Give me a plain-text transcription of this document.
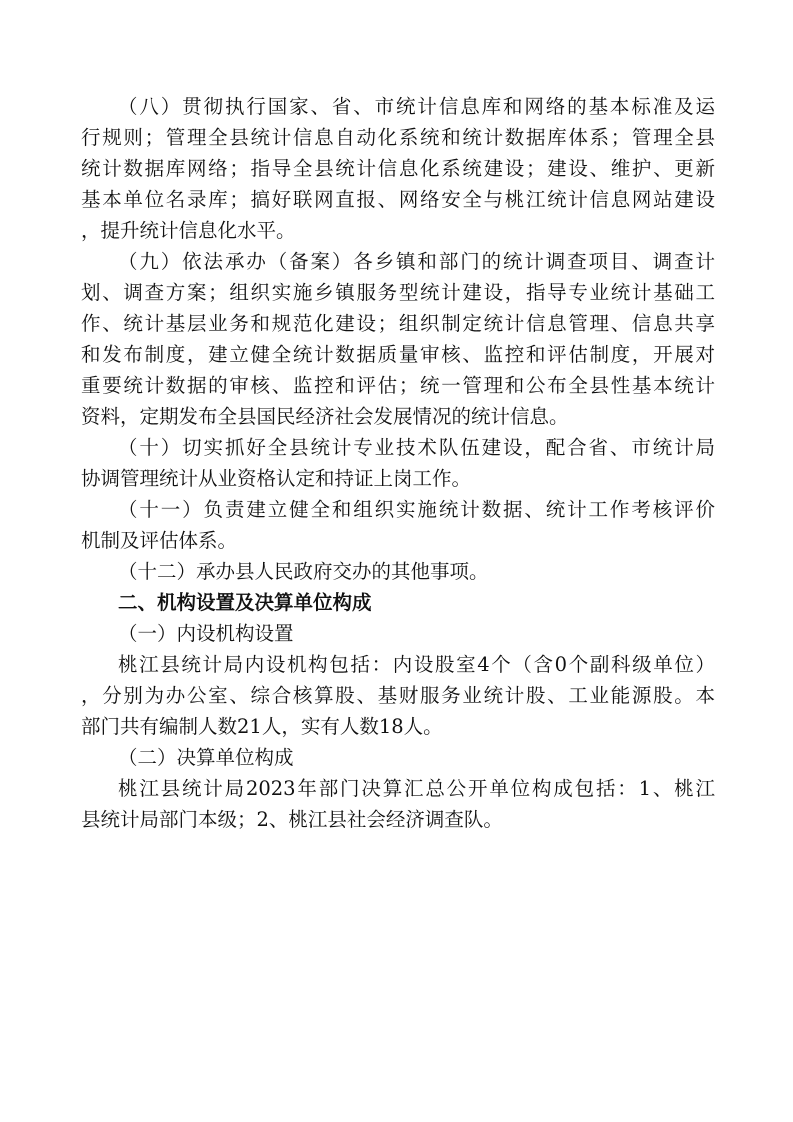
（八）贯彻执行国家、省、市统计信息库和网络的基本标准及运
行规则；管理全县统计信息自动化系统和统计数据库体系；管理全县
统计数据库网络；指导全县统计信息化系统建设；建设、维护、更新
基本单位名录库；搞好联网直报、网络安全与桃江统计信息网站建设
，提升统计信息化水平。
（九）依法承办（备案）各乡镇和部门的统计调查项目、调查计
划、调查方案；组织实施乡镇服务型统计建设，指导专业统计基础工
作、统计基层业务和规范化建设；组织制定统计信息管理、信息共享
和发布制度，建立健全统计数据质量审核、监控和评估制度，开展对
重要统计数据的审核、监控和评估；统一管理和公布全县性基本统计
资料，定期发布全县国民经济社会发展情况的统计信息。
（十）切实抓好全县统计专业技术队伍建设，配合省、市统计局
协调管理统计从业资格认定和持证上岗工作。
（十一）负责建立健全和组织实施统计数据、统计工作考核评价
机制及评估体系。
（十二）承办县人民政府交办的其他事项。
二、机构设置及决算单位构成
（一）内设机构设置
桃江县统计局内设机构包括：内设股室4个（含0个副科级单位）
，分别为办公室、综合核算股、基财服务业统计股、工业能源股。本
部门共有编制人数21人，实有人数18人。
（二）决算单位构成
桃江县统计局2023年部门决算汇总公开单位构成包括：1、桃江
县统计局部门本级；2、桃江县社会经济调查队。
